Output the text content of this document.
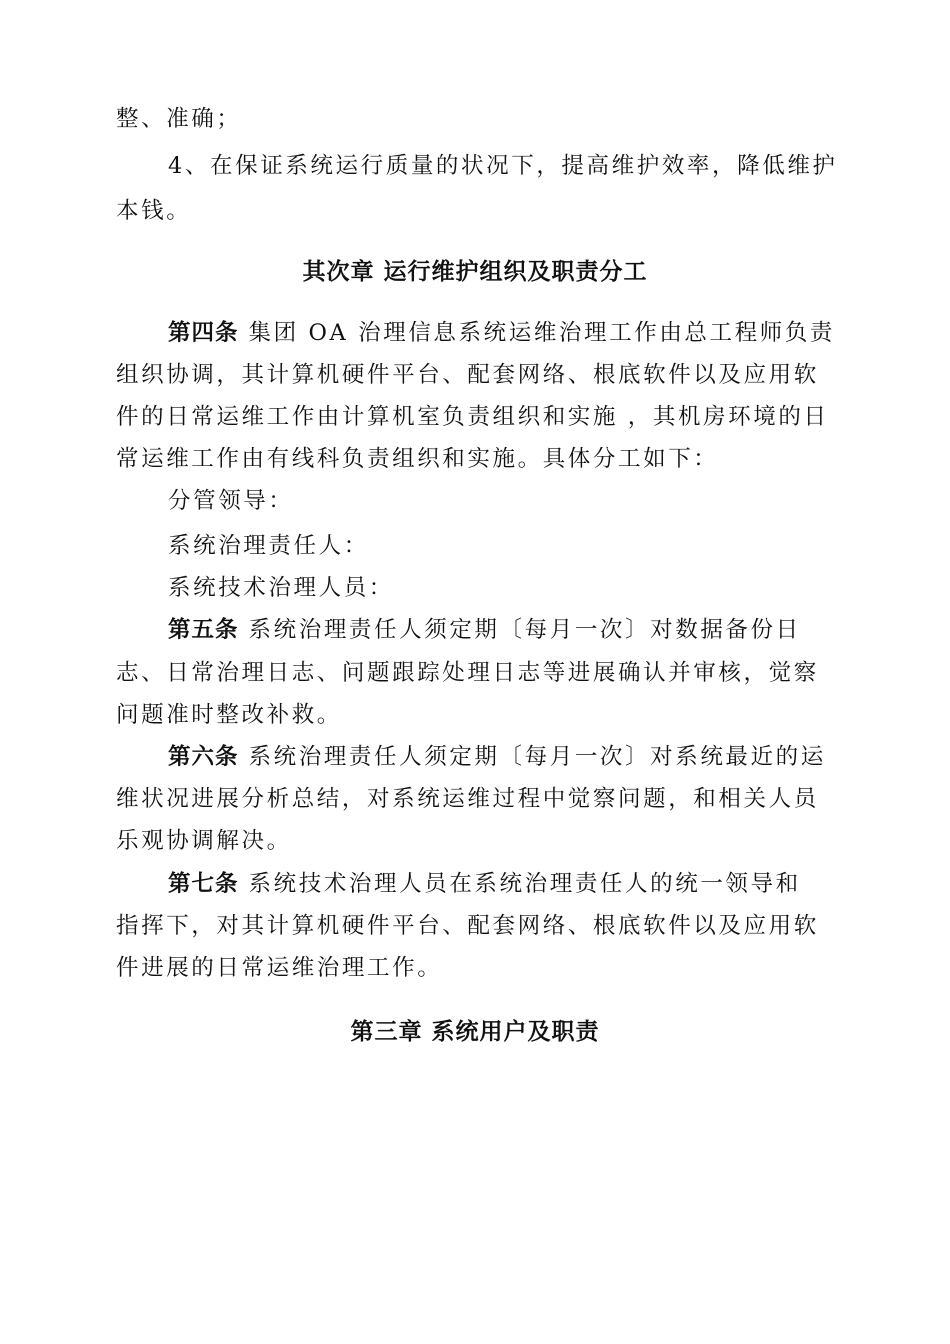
整、准确；
4、在保证系统运行质量的状况下，提高维护效率，降低维护
本钱。
其次章 运行维护组织及职责分工
第四条 集团 OA 治理信息系统运维治理工作由总工程师负责
组织协调，其计算机硬件平台、配套网络、根底软件以及应用软
件的日常运维工作由计算机室负责组织和实施 ，其机房环境的日
常运维工作由有线科负责组织和实施。具体分工如下：
分管领导：
系统治理责任人：
系统技术治理人员：
第五条 系统治理责任人须定期〔每月一次〕对数据备份日
志、日常治理日志、问题跟踪处理日志等进展确认并审核，觉察
问题准时整改补救。
第六条 系统治理责任人须定期〔每月一次〕对系统最近的运
维状况进展分析总结，对系统运维过程中觉察问题，和相关人员
乐观协调解决。
第七条 系统技术治理人员在系统治理责任人的统一领导和
指挥下，对其计算机硬件平台、配套网络、根底软件以及应用软
件进展的日常运维治理工作。
第三章 系统用户及职责
